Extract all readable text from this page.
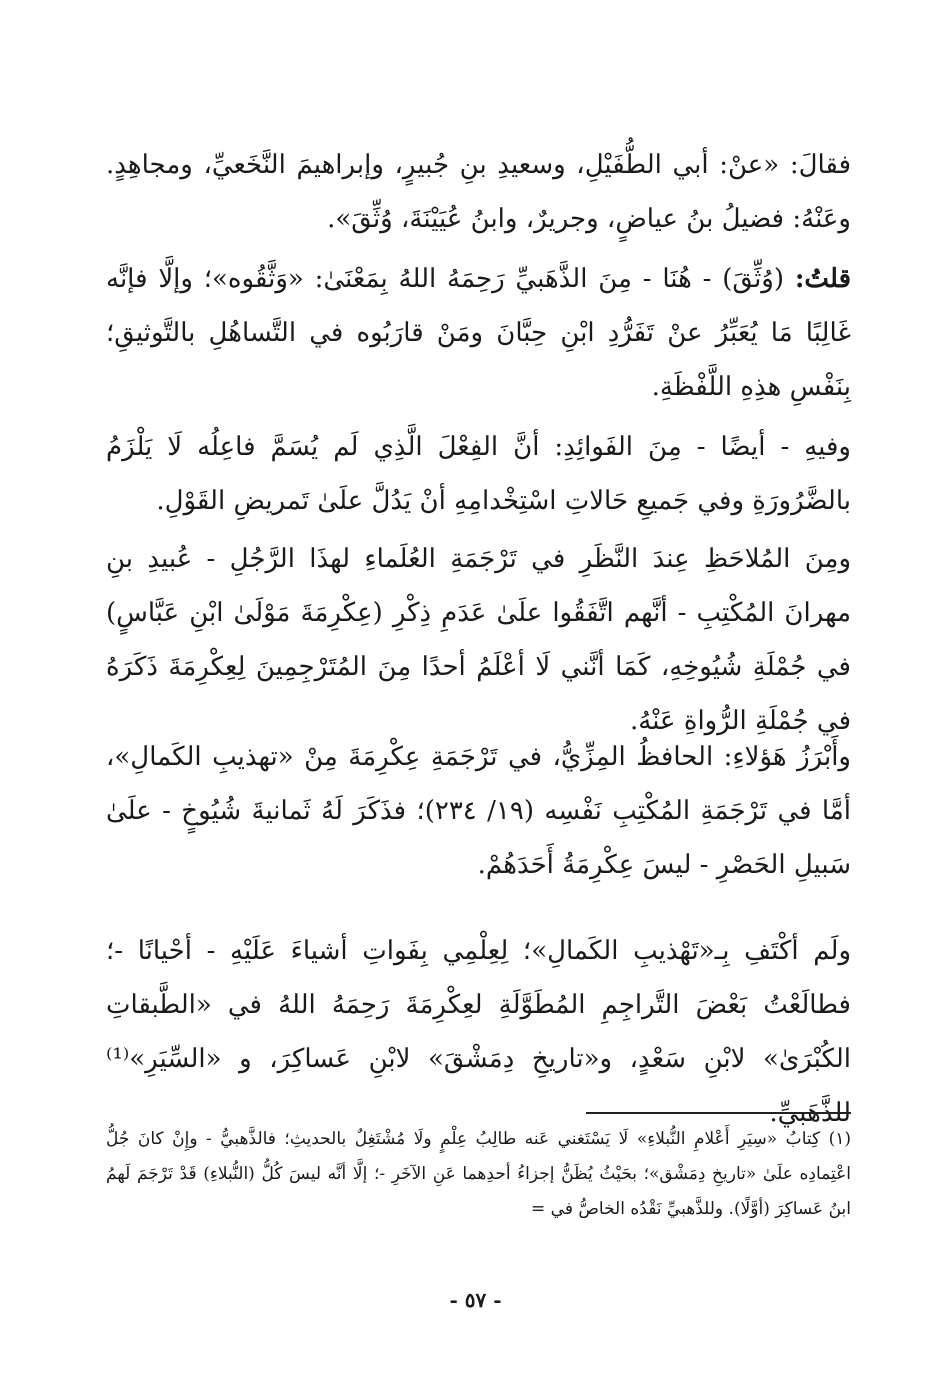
فقالَ: «عنْ: أبي الطُّفَيْلِ، وسعيدِ بنِ جُبيرٍ، وإبراهيمَ النَّخَعيِّ، ومجاهِدٍ. وعَنْهُ: فضيلُ بنُ عياضٍ، وجريرٌ، وابنُ عُيَيْنَةَ، وُثِّقَ».

قلتُ: (وُثِّقَ) - هُنَا - مِنَ الذَّهَبيِّ رَحِمَهُ اللهُ بِمَعْنَىٰ: «وَثَّقُوه»؛ وإلَّا فإنَّه غَالِبًا مَا يُعَبِّرُ عنْ تَفَرُّدِ ابْنِ حِبَّانَ ومَنْ قارَبُوه في التَّساهُلِ بالتَّوثيقِ؛ بِنَفْسِ هذِهِ اللَّفْظَةِ.

وفيهِ - أيضًا - مِنَ الفَوائِدِ: أنَّ الفِعْلَ الَّذِي لَم يُسَمَّ فاعِلُه لَا يَلْزَمُ بالضَّرُورَةِ وفي جَميعِ حَالاتِ اسْتِخْدامِهِ أنْ يَدُلَّ علَىٰ تَمريضِ القَوْلِ.

ومِنَ المُلاحَظِ عِندَ النَّظَرِ في تَرْجَمَةِ العُلَماءِ لهذَا الرَّجُلِ - عُبيدِ بنِ مهرانَ المُكْتِبِ - أنَّهم اتَّفَقُوا علَىٰ عَدَمِ ذِكْرِ (عِكْرِمَةَ مَوْلَىٰ ابْنِ عَبَّاسٍ) في جُمْلَةِ شُيُوخِهِ، كَمَا أنَّني لَا أعْلَمُ أحدًا مِنَ المُتَرْجِمِينَ لِعِكْرِمَةَ ذَكَرَهُ في جُمْلَةِ الرُّواةِ عَنْهُ.

وأَبْرَزُ هَؤلاءِ: الحافظُ المِزِّيُّ، في تَرْجَمَةِ عِكْرِمَةَ مِنْ «تهذيبِ الكَمالِ»، أمَّا في تَرْجَمَةِ المُكْتِبِ نَفْسِه (١٩/ ٢٣٤)؛ فذَكَرَ لَهُ ثَمانيةَ شُيُوخٍ - علَىٰ سَبيلِ الحَصْرِ - ليسَ عِكْرِمَةُ أَحَدَهُمْ.

ولَم أكْتَفِ بِـ«تَهْذيبِ الكَمالِ»؛ لِعِلْمِي بِفَواتِ أشياءَ عَلَيْهِ - أحْيانًا -؛ فطالَعْتُ بَعْضَ التَّراجِمِ المُطَوَّلَةِ لعِكْرِمَةَ رَحِمَهُ اللهُ في «الطَّبقاتِ الكُبْرَىٰ» لابْنِ سَعْدٍ، و«تاريخِ دِمَشْقَ» لابْنِ عَساكِرَ، و «السِّيَرِ»⁽¹⁾ للذَّهَبيِّ.

(١) كِتابُ «سِيَرِ أَعْلامِ النُّبلاءِ» لَا يَسْتَغني عَنه طالِبُ عِلْمٍ ولَا مُشْتَغِلٌ بالحديثِ؛ فالذَّهبيُّ - وإِنْ كانَ جُلُّ اعْتِمادِه علَىٰ «تاريخِ دِمَشْق»؛ بحَيْثُ يُظَنُّ إجزاءُ أحدِهما عَنِ الآخَرِ -؛ إلَّا أنَّه ليسَ كُلُّ (النُّبلاءِ) قَدْ تَرْجَمَ لَهمُ ابنُ عَساكِرَ (أوَّلًا). وللذَّهبيِّ نَقْدُه الخاصُّ في =

- ٥٧ -
